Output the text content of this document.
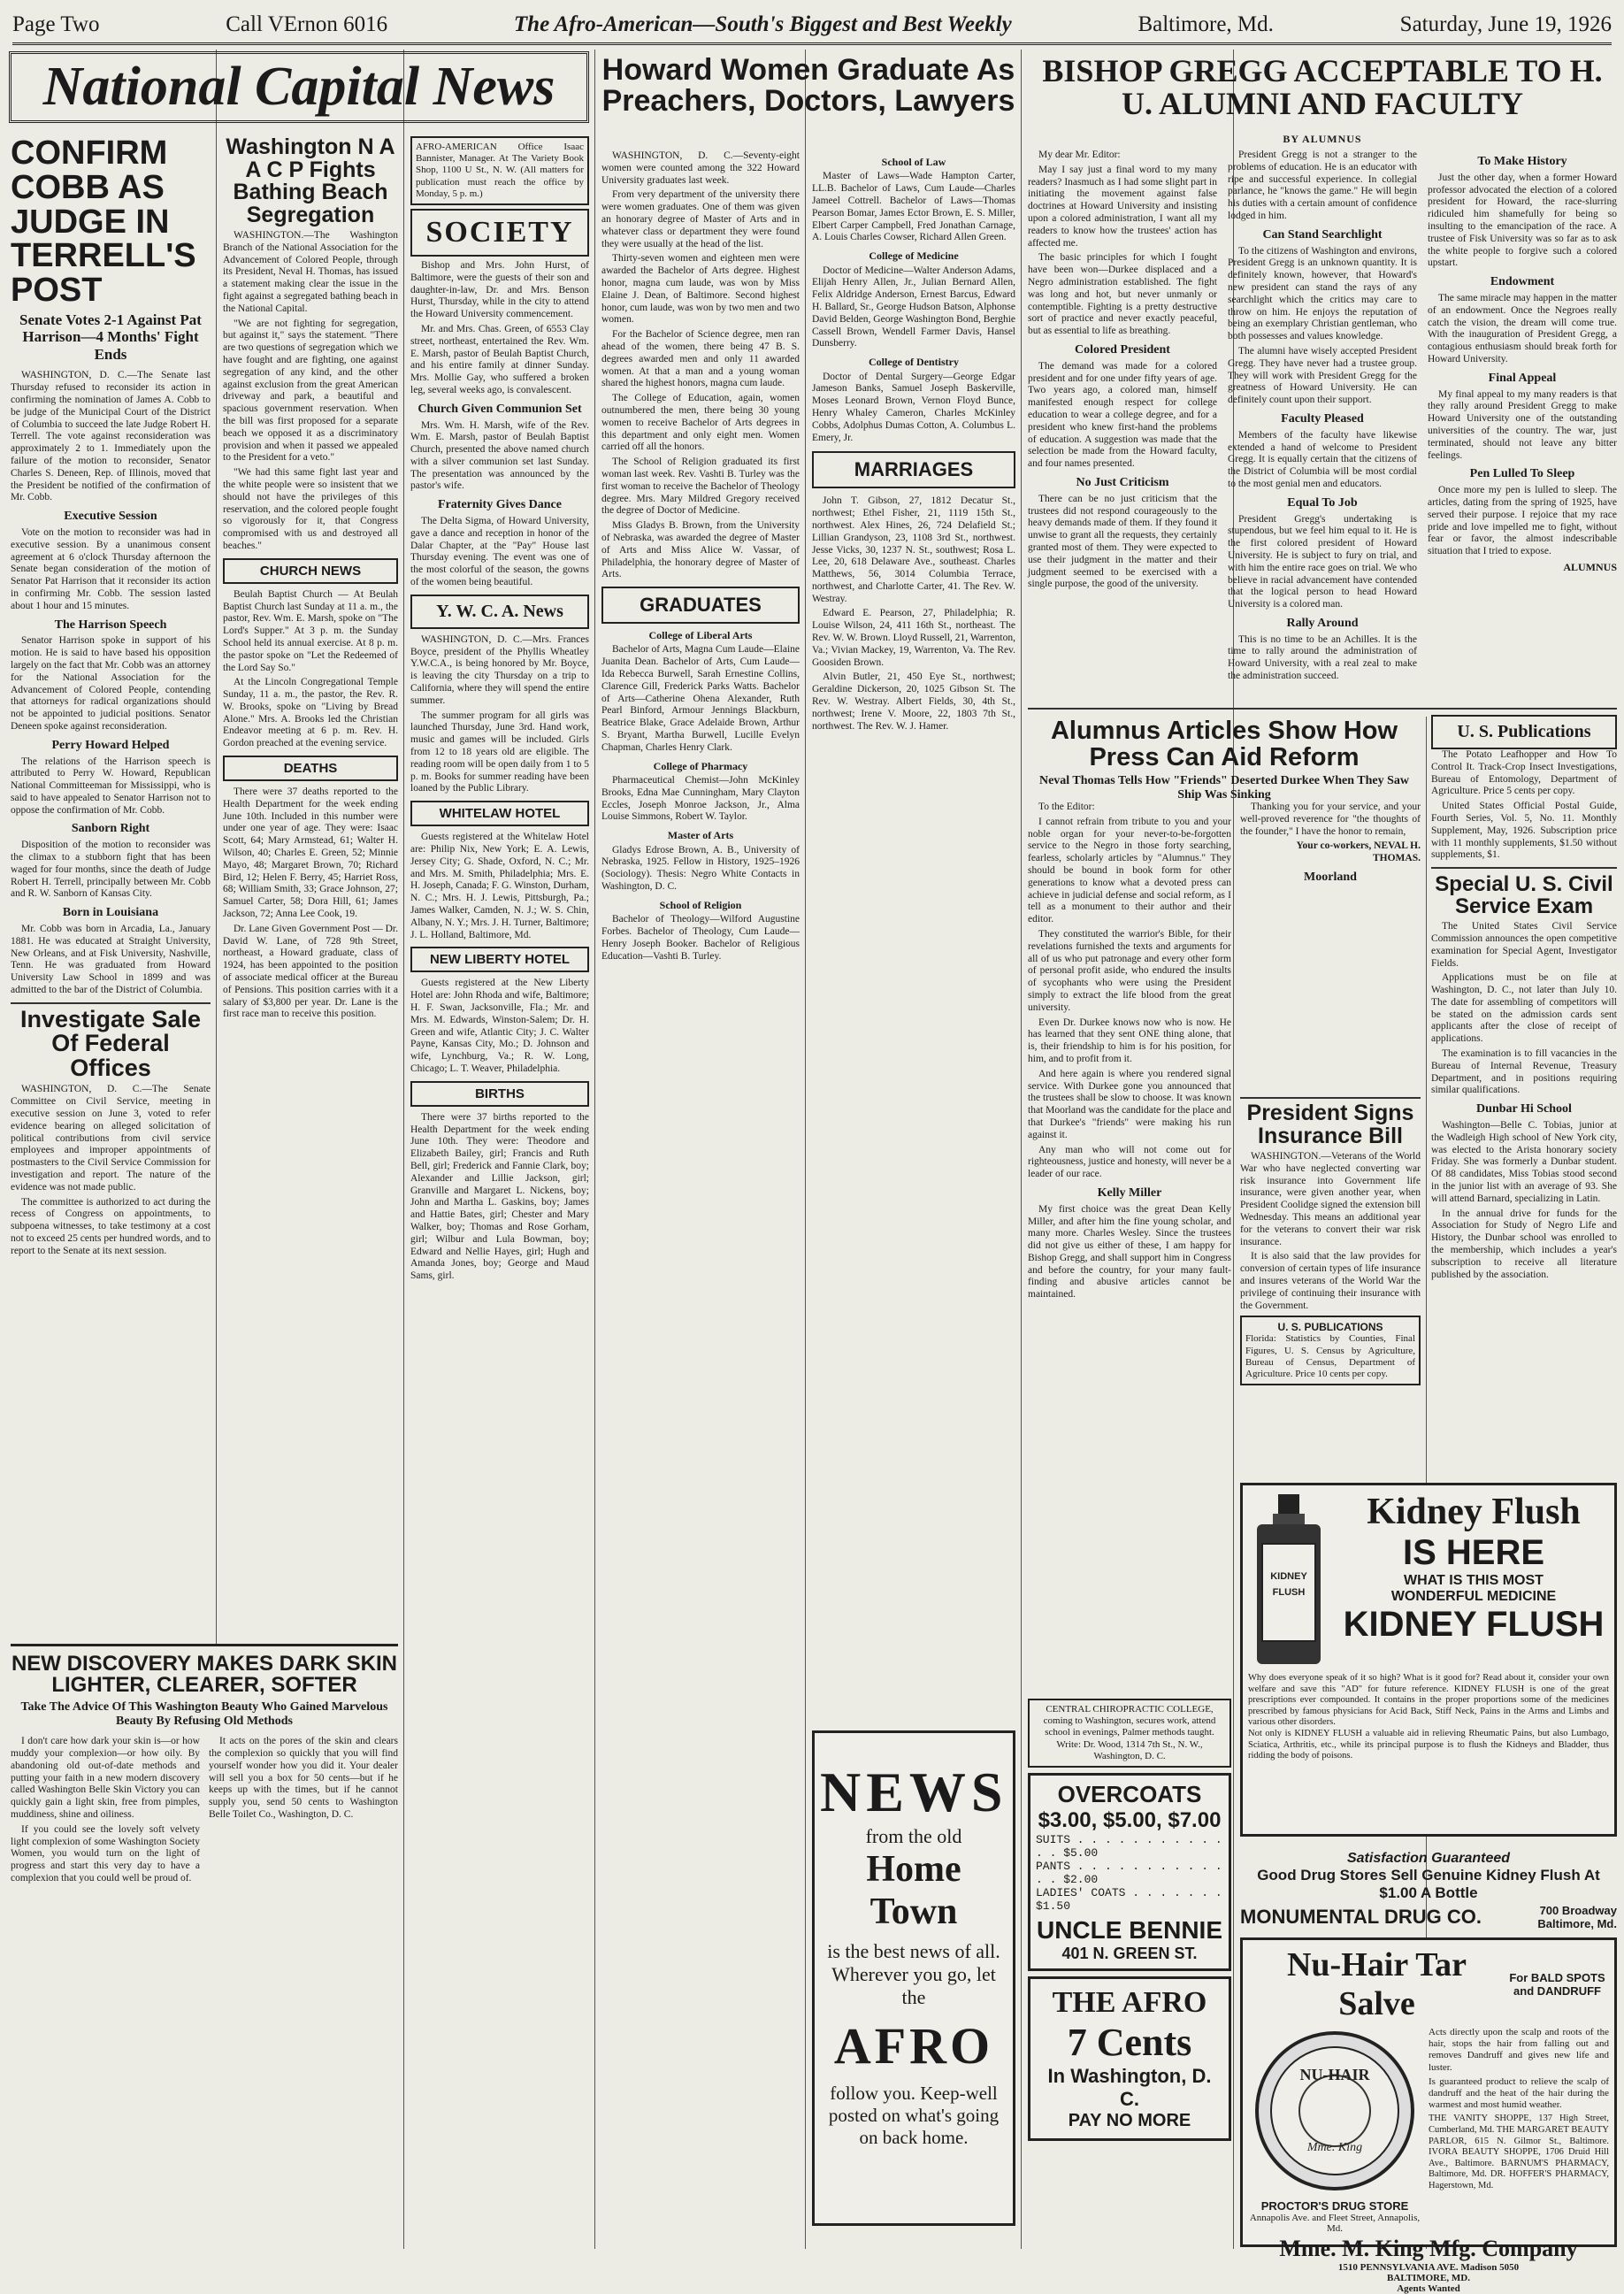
Page Two	Call VErnon 6016	The Afro-American—South's Biggest and Best Weekly	Baltimore, Md.	Saturday, June 19, 1926
National Capital News
CONFIRM COBB AS JUDGE IN TERRELL'S POST
Senate Votes 2-1 Against Pat Harrison—4 Months' Fight Ends

WASHINGTON, D. C.—The Senate last Thursday refused to reconsider its action in confirming the nomination of James A. Cobb to be judge of the Municipal Court of the District of Columbia to succeed the late Judge Robert H. Terrell. The vote against reconsideration was approximately 2 to 1. Immediately upon the failure of the motion to reconsider, Senator Charles S. Deneen, Rep. of Illinois, moved that the President be notified of the confirmation of Mr. Cobb.

Executive Session

Vote on the motion to reconsider was had in executive session. By a unanimous consent agreement at 6 o'clock Thursday afternoon the Senate began consideration of the motion of Senator Pat Harrison that it reconsider its action in confirming Mr. Cobb. The session lasted about 1 hour and 15 minutes.

The Harrison Speech

Senator Harrison spoke in support of his motion. He is said to have based his opposition largely on the fact that Mr. Cobb was an attorney for the National Association for the Advancement of Colored People, contending that attorneys for radical organizations should not be appointed to judicial positions. Senator Deneen spoke against reconsideration.

Perry Howard Helped

The relations of the Harrison speech is attributed to Perry W. Howard, Republican National Committeeman for Mississippi, who is said to have appealed to Senator Harrison not to oppose the confirmation of Mr. Cobb.

Sanborn Right

Disposition of the motion to reconsider was the climax to a stubborn fight that has been waged for four months, since the death of Judge Robert H. Terrell, principally between Mr. Cobb and R. W. Sanborn of Kansas City.

Born in Louisiana

Mr. Cobb was born in Arcadia, La., January 1881. He was educated at Straight University, New Orleans, and at Fisk University, Nashville, Tenn. He was graduated from Howard University Law School in 1899 and was admitted to the bar of the District of Columbia.

Investigate Sale Of Federal Offices

WASHINGTON, D. C.—The Senate Committee on Civil Service, meeting in executive session on June 3, voted to refer evidence bearing on alleged solicitation of political contributions from civil service employees and improper appointments of postmasters to the Civil Service Commission for investigation and report. The nature of the evidence was not made public.

The committee is authorized to act during the recess of Congress on appointments, to subpoena witnesses, to take testimony at a cost not to exceed 25 cents per hundred words, and to report to the Senate at its next session.

Washington N A A C P Fights Bathing Beach Segregation

WASHINGTON.—The Washington Branch of the National Association for the Advancement of Colored People, through its President, Neval H. Thomas, has issued a statement making clear the issue in the fight against a segregated bathing beach in the National Capital.

"We are not fighting for segregation, but against it," says the statement. "There are two questions of segregation which we have fought and are fighting, one against segregation of any kind, and the other against exclusion from the great American driveway and park, a beautiful and spacious government reservation. When the bill was first proposed for a separate beach we opposed it as a discriminatory provision and when it passed we appealed to the President for a veto."

"We had this same fight last year and the white people were so insistent that we should not have the privileges of this reservation, and the colored people fought so vigorously for it, that Congress compromised with us and destroyed all beaches."

CHURCH NEWS

Beulah Baptist Church — At Beulah Baptist Church last Sunday at 11 a. m., the pastor, Rev. Wm. E. Marsh, spoke on "The Lord's Supper." At 3 p. m. the Sunday School held its annual exercise. At 8 p. m. the pastor spoke on "Let the Redeemed of the Lord Say So."

At the Lincoln Congregational Temple Sunday, 11 a. m., the pastor, the Rev. R. W. Brooks, spoke on "Living by Bread Alone." Mrs. A. Brooks led the Christian Endeavor meeting at 6 p. m. Rev. H. Gordon preached at the evening service.

DEATHS

There were 37 deaths reported to the Health Department for the week ending June 10th. Included in this number were under one year of age. They were: Isaac Scott, 64; Mary Armstead, 61; Walter H. Wilson, 40; Charles E. Green, 52; Minnie Mayo, 48; Margaret Brown, 70; Richard Bird, 12; Helen F. Berry, 45; Harriet Ross, 68; William Smith, 33; Grace Johnson, 27; Samuel Carter, 58; Dora Hill, 61; James Jackson, 72; Anna Lee Cook, 19.

Dr. Lane Given Government Post — Dr. David W. Lane, of 728 9th Street, northeast, a Howard graduate, class of 1924, has been appointed to the position of associate medical officer at the Bureau of Pensions. This position carries with it a salary of $3,800 per year. Dr. Lane is the first race man to receive this position.

NEW DISCOVERY MAKES DARK SKIN LIGHTER, CLEARER, SOFTER
Take The Advice Of This Washington Beauty Who Gained Marvelous Beauty By Refusing Old Methods

I don't care how dark your skin is—or how muddy your complexion—or how oily. By abandoning old out-of-date methods and putting your faith in a new modern discovery called Washington Belle Skin Victory you can quickly gain a light skin, free from pimples, muddiness, shine and oiliness.

If you could see the lovely soft velvety light complexion of some Washington Society Women, you would turn on the light of progress and start this very day to have a complexion that you could well be proud of.

It acts on the pores of the skin and clears the complexion so quickly that you will find yourself wonder how you did it. Your dealer will sell you a box for 50 cents—but if he keeps up with the times, but if he cannot supply you, send 50 cents to Washington Belle Toilet Co., Washington, D. C.

AFRO-AMERICAN Office Isaac Bannister, Manager. At The Variety Book Shop, 1100 U St., N. W. (All matters for publication must reach the office by Monday, 5 p. m.)
SOCIETY

Bishop and Mrs. John Hurst, of Baltimore, were the guests of their son and daughter-in-law, Dr. and Mrs. Benson Hurst, Thursday, while in the city to attend the Howard University commencement.

Mr. and Mrs. Chas. Green, of 6553 Clay street, northeast, entertained the Rev. Wm. E. Marsh, pastor of Beulah Baptist Church, and his entire family at dinner Sunday. Mrs. Mollie Gay, who suffered a broken leg, several weeks ago, is convalescent.

Church Given Communion Set

Mrs. Wm. H. Marsh, wife of the Rev. Wm. E. Marsh, pastor of Beulah Baptist Church, presented the above named church with a silver communion set last Sunday. The presentation was announced by the pastor's wife.

Fraternity Gives Dance

The Delta Sigma, of Howard University, gave a dance and reception in honor of the Dalar Chapter, at the "Pay" House last Thursday evening. The event was one of the most colorful of the season, the gowns of the women being beautiful.

Y. W. C. A. News

WASHINGTON, D. C.—Mrs. Frances Boyce, president of the Phyllis Wheatley Y.W.C.A., is being honored by Mr. Boyce, is leaving the city Thursday on a trip to California, where they will spend the entire summer.

The summer program for all girls was launched Thursday, June 3rd. Hand work, music and games will be included. Girls from 12 to 18 years old are eligible. The reading room will be open daily from 1 to 5 p. m. Books for summer reading have been loaned by the Public Library.

WHITELAW HOTEL

Guests registered at the Whitelaw Hotel are: Philip Nix, New York; E. A. Lewis, Jersey City; G. Shade, Oxford, N. C.; Mr. and Mrs. M. Smith, Philadelphia; Mrs. E. H. Joseph, Canada; F. G. Winston, Durham, N. C.; Mrs. H. J. Lewis, Pittsburgh, Pa.; James Walker, Camden, N. J.; W. S. Chin, Albany, N. Y.; Mrs. J. H. Turner, Baltimore; J. L. Holland, Baltimore, Md.

NEW LIBERTY HOTEL

Guests registered at the New Liberty Hotel are: John Rhoda and wife, Baltimore; H. F. Swan, Jacksonville, Fla.; Mr. and Mrs. M. Edwards, Winston-Salem; Dr. H. Green and wife, Atlantic City; J. C. Walter Payne, Kansas City, Mo.; D. Johnson and wife, Lynchburg, Va.; R. W. Long, Chicago; L. T. Weaver, Philadelphia.

BIRTHS

There were 37 births reported to the Health Department for the week ending June 10th. They were: Theodore and Elizabeth Bailey, girl; Francis and Ruth Bell, girl; Frederick and Fannie Clark, boy; Alexander and Lillie Jackson, girl; Granville and Margaret L. Nickens, boy; John and Martha L. Gaskins, boy; James and Hattie Bates, girl; Chester and Mary Walker, boy; Thomas and Rose Gorham, girl; Wilbur and Lula Bowman, boy; Edward and Nellie Hayes, girl; Hugh and Amanda Jones, boy; George and Maud Sams, girl.

Howard Women Graduate As Preachers, Doctors, Lawyers

WASHINGTON, D. C.—Seventy-eight women were counted among the 322 Howard University graduates last week.

From very department of the university there were women graduates. One of them was given an honorary degree of Master of Arts and in whatever class or department they were found they were usually at the head of the list.

Thirty-seven women and eighteen men were awarded the Bachelor of Arts degree. Highest honor, magna cum laude, was won by Miss Elaine J. Dean, of Baltimore. Second highest honor, cum laude, was won by two men and two women.

For the Bachelor of Science degree, men ran ahead of the women, there being 47 B. S. degrees awarded men and only 11 awarded women. At that a man and a young woman shared the highest honors, magna cum laude.

The College of Education, again, women outnumbered the men, there being 30 young women to receive Bachelor of Arts degrees in this department and only eight men. Women carried off all the honors.

The School of Religion graduated its first woman last week. Rev. Vashti B. Turley was the first woman to receive the Bachelor of Theology degree. Mrs. Mary Mildred Gregory received the degree of Doctor of Medicine.

Miss Gladys B. Brown, from the University of Nebraska, was awarded the degree of Master of Arts and Miss Alice W. Vassar, of Philadelphia, the honorary degree of Master of Arts.

GRADUATES
College of Liberal Arts

Bachelor of Arts, Magna Cum Laude—Elaine Juanita Dean. Bachelor of Arts, Cum Laude—Ida Rebecca Burwell, Sarah Ernestine Collins, Clarence Gill, Frederick Parks Watts. Bachelor of Arts—Catherine Ohena Alexander, Ruth Pearl Binford, Armour Jennings Blackburn, Beatrice Blake, Grace Adelaide Brown, Arthur S. Bryant, Martha Burwell, Lucille Evelyn Chapman, Charles Henry Clark.

College of Pharmacy

Pharmaceutical Chemist—John McKinley Brooks, Edna Mae Cunningham, Mary Clayton Eccles, Joseph Monroe Jackson, Jr., Alma Louise Simmons, Robert W. Taylor.

Master of Arts

Gladys Edrose Brown, A. B., University of Nebraska, 1925. Fellow in History, 1925–1926 (Sociology). Thesis: Negro White Contacts in Washington, D. C.

School of Religion

Bachelor of Theology—Wilford Augustine Forbes. Bachelor of Theology, Cum Laude—Henry Joseph Booker. Bachelor of Religious Education—Vashti B. Turley.

School of Law

Master of Laws—Wade Hampton Carter, LL.B. Bachelor of Laws, Cum Laude—Charles Jameel Cottrell. Bachelor of Laws—Thomas Pearson Bomar, James Ector Brown, E. S. Miller, Elbert Carper Campbell, Fred Jonathan Carnage, A. Louis Charles Cowser, Richard Allen Green.

College of Medicine

Doctor of Medicine—Walter Anderson Adams, Elijah Henry Allen, Jr., Julian Bernard Allen, Felix Aldridge Anderson, Ernest Barcus, Edward H. Ballard, Sr., George Hudson Batson, Alphonse David Belden, George Washington Bond, Berghie Cassell Brown, Wendell Farmer Davis, Hansel Dunsberry.

College of Dentistry

Doctor of Dental Surgery—George Edgar Jameson Banks, Samuel Joseph Baskerville, Moses Leonard Brown, Vernon Floyd Bunce, Henry Whaley Cameron, Charles McKinley Cobbs, Adolphus Dumas Cotton, A. Columbus L. Emery, Jr.

MARRIAGES

John T. Gibson, 27, 1812 Decatur St., northwest; Ethel Fisher, 21, 1119 15th St., northwest. Alex Hines, 26, 724 Delafield St.; Lillian Grandyson, 23, 1108 3rd St., northwest. Jesse Vicks, 30, 1237 N. St., southwest; Rosa L. Lee, 20, 618 Delaware Ave., southeast. Charles Matthews, 56, 3014 Columbia Terrace, northwest, and Charlotte Carter, 41. The Rev. W. Westray.

Edward E. Pearson, 27, Philadelphia; R. Louise Wilson, 24, 411 16th St., northeast. The Rev. W. W. Brown. Lloyd Russell, 21, Warrenton, Va.; Vivian Mackey, 19, Warrenton, Va. The Rev. Goosiden Brown.

Alvin Butler, 21, 450 Eye St., northwest; Geraldine Dickerson, 20, 1025 Gibson St. The Rev. W. Westray. Albert Fields, 30, 4th St., northwest; Irene V. Moore, 22, 1803 7th St., northwest. The Rev. W. J. Hamer.

NEWS
from the old
Home Town
is the best news of all. Wherever you go, let the
AFRO
follow you. Keep-well posted on what's going on back home.
BISHOP GREGG ACCEPTABLE TO H. U. ALUMNI AND FACULTY
BY ALUMNUS

My dear Mr. Editor:

May I say just a final word to my many readers? Inasmuch as I had some slight part in initiating the movement against false doctrines at Howard University and insisting upon a colored administration, I want all my readers to know how the trustees' action has affected me.

The basic principles for which I fought have been won—Durkee displaced and a Negro administration established. The fight was long and hot, but never unmanly or contemptible. Fighting is a pretty destructive sort of practice and never exactly peaceful, but as essential to life as breathing.

Colored President

The demand was made for a colored president and for one under fifty years of age. Two years ago, a colored man, himself manifested enough respect for college education to wear a college degree, and for a president who knew first-hand the problems of education. A suggestion was made that the selection be made from the Howard faculty, and four names presented.

No Just Criticism

There can be no just criticism that the trustees did not respond courageously to the heavy demands made of them. If they found it unwise to grant all the requests, they certainly granted most of them. They were expected to use their judgment in the matter and their judgment seemed to be exercised with a single purpose, the good of the university.

President Gregg is not a stranger to the problems of education. He is an educator with ripe and successful experience. In collegial parlance, he "knows the game." He will begin his duties with a certain amount of confidence lodged in him.

Can Stand Searchlight

To the citizens of Washington and environs, President Gregg is an unknown quantity. It is definitely known, however, that Howard's new president can stand the rays of any searchlight which the critics may care to throw on him. He enjoys the reputation of being an exemplary Christian gentleman, who both possesses and values knowledge.

The alumni have wisely accepted President Gregg. They have never had a trustee group. They will work with President Gregg for the greatness of Howard University. He can definitely count upon their support.

Faculty Pleased

Members of the faculty have likewise extended a hand of welcome to President Gregg. It is equally certain that the citizens of the District of Columbia will be most cordial to the most genial men and educators.

Equal To Job

President Gregg's undertaking is stupendous, but we feel him equal to it. He is the first colored president of Howard University. He is subject to fury on trial, and with him the entire race goes on trial. We who believe in racial advancement have contended that the logical person to head Howard University is a colored man.

Rally Around

This is no time to be an Achilles. It is the time to rally around the administration of Howard University, with a real zeal to make the administration succeed.

To Make History

Just the other day, when a former Howard professor advocated the election of a colored president for Howard, the race-slurring ridiculed him shamefully for being so insulting to the emancipation of the race. A trustee of Fisk University was so far as to ask the white people to forgive such a colored upstart.

Endowment

The same miracle may happen in the matter of an endowment. Once the Negroes really catch the vision, the dream will come true. With the inauguration of President Gregg, a contagious enthusiasm should break forth for Howard University.

Final Appeal

My final appeal to my many readers is that they rally around President Gregg to make Howard University one of the outstanding universities of the country. The war, just terminated, should not leave any bitter feelings.

Pen Lulled To Sleep

Once more my pen is lulled to sleep. The articles, dating from the spring of 1925, have served their purpose. I rejoice that my race pride and love impelled me to fight, without fear or favor, the almost indescribable situation that I tried to expose.

ALUMNUS
Alumnus Articles Show How Press Can Aid Reform
Neval Thomas Tells How "Friends" Deserted Durkee When They Saw Ship Was Sinking

To the Editor:

I cannot refrain from tribute to you and your noble organ for your never-to-be-forgotten service to the Negro in those forty searching, fearless, scholarly articles by "Alumnus." They should be bound in book form for other generations to know what a devoted press can achieve in judicial defense and social reform, as I tell as a monument to their author and their editor.

They constituted the warrior's Bible, for their revelations furnished the texts and arguments for all of us who put patronage and every other form of personal profit aside, who endured the insults of sycophants who were using the President simply to extract the life blood from the great university.

Even Dr. Durkee knows now who is now. He has learned that they sent ONE thing alone, that is, their friendship to him is for his position, for him, and to profit from it.

And here again is where you rendered signal service. With Durkee gone you announced that the trustees shall be slow to choose. It was known that Moorland was the candidate for the place and that Durkee's "friends" were making his run against it.

Any man who will not come out for righteousness, justice and honesty, will never be a leader of our race.

Kelly Miller

My first choice was the great Dean Kelly Miller, and after him the fine young scholar, and many more. Charles Wesley. Since the trustees did not give us either of these, I am happy for Bishop Gregg, and shall support him in Congress and before the country, for your many fault-finding and abusive articles cannot be maintained.

Thanking you for your service, and your well-proved reverence for "the thoughts of the founder," I have the honor to remain,

Your co-workers, NEVAL H. THOMAS.

Moorland
President Signs Insurance Bill

WASHINGTON.—Veterans of the World War who have neglected converting war risk insurance into Government life insurance, were given another year, when President Coolidge signed the extension bill Wednesday. This means an additional year for the veterans to convert their war risk insurance.

It is also said that the law provides for conversion of certain types of life insurance and insures veterans of the World War the privilege of continuing their insurance with the Government.

U. S. PUBLICATIONS
Florida: Statistics by Counties, Final Figures, U. S. Census by Agriculture, Bureau of Census, Department of Agriculture. Price 10 cents per copy.
U. S. Publications

The Potato Leafhopper and How To Control It. Track-Crop Insect Investigations, Bureau of Entomology, Department of Agriculture. Price 5 cents per copy.

United States Official Postal Guide, Fourth Series, Vol. 5, No. 11. Monthly Supplement, May, 1926. Subscription price with 11 monthly supplements, $1.50 without supplements, $1.

Special U. S. Civil Service Exam

The United States Civil Service Commission announces the open competitive examination for Special Agent, Investigator Fields.

Applications must be on file at Washington, D. C., not later than July 10. The date for assembling of competitors will be stated on the admission cards sent applicants after the close of receipt of applications.

The examination is to fill vacancies in the Bureau of Internal Revenue, Treasury Department, and in positions requiring similar qualifications.

Dunbar Hi School

Washington—Belle C. Tobias, junior at the Wadleigh High school of New York city, was elected to the Arista honorary society Friday. She was formerly a Dunbar student. Of 88 candidates, Miss Tobias stood second in the junior list with an average of 93. She will attend Barnard, specializing in Latin.

In the annual drive for funds for the Association for Study of Negro Life and History, the Dunbar school was enrolled to the membership, which includes a year's subscription to receive all literature published by the association.

CENTRAL CHIROPRACTIC COLLEGE, coming to Washington, secures work, attend school in evenings, Palmer methods taught. Write: Dr. Wood, 1314 7th St., N. W., Washington, D. C.
OVERCOATS
$3.00, $5.00, $7.00
SUITS . . . . . . . . . . . . . $5.00
PANTS . . . . . . . . . . . . . $2.00
LADIES' COATS . . . . . . . $1.50
UNCLE BENNIE
401 N. GREEN ST.
THE AFRO
7 Cents
In Washington, D. C.
PAY NO MORE
KIDNEY
FLUSH
Kidney Flush
IS HERE
WHAT IS THIS MOST
WONDERFUL MEDICINE
KIDNEY FLUSH
Why does everyone speak of it so high? What is it good for? Read about it, consider your own welfare and save this "AD" for future reference. KIDNEY FLUSH is one of the great prescriptions ever compounded. It contains in the proper proportions some of the medicines prescribed by famous physicians for Acid Back, Stiff Neck, Pains in the Arms and Limbs and various other disorders.
Not only is KIDNEY FLUSH a valuable aid in relieving Rheumatic Pains, but also Lumbago, Sciatica, Arthritis, etc., while its principal purpose is to flush the Kidneys and Bladder, thus ridding the body of poisons.
Satisfaction Guaranteed
Good Drug Stores Sell Genuine Kidney Flush At $1.00 A Bottle
MONUMENTAL DRUG CO.	700 Broadway
Baltimore, Md.
Nu-Hair Tar Salve
For BALD SPOTS and DANDRUFF
NU-HAIR
Mme. King
PROCTOR'S DRUG STORE
Annapolis Ave. and Fleet Street, Annapolis, Md.
Acts directly upon the scalp and roots of the hair, stops the hair from falling out and removes Dandruff and gives new life and luster.
Is guaranteed product to relieve the scalp of dandruff and the heat of the hair during the warmest and most humid weather.
THE VANITY SHOPPE, 137 High Street, Cumberland, Md. THE MARGARET BEAUTY PARLOR, 615 N. Gilmor St., Baltimore. IVORA BEAUTY SHOPPE, 1706 Druid Hill Ave., Baltimore. BARNUM'S PHARMACY, Baltimore, Md. DR. HOFFER'S PHARMACY, Hagerstown, Md.
Mme. M. King Mfg. Company
1510 PENNSYLVANIA AVE. Madison 5050
BALTIMORE, MD.
Agents Wanted
